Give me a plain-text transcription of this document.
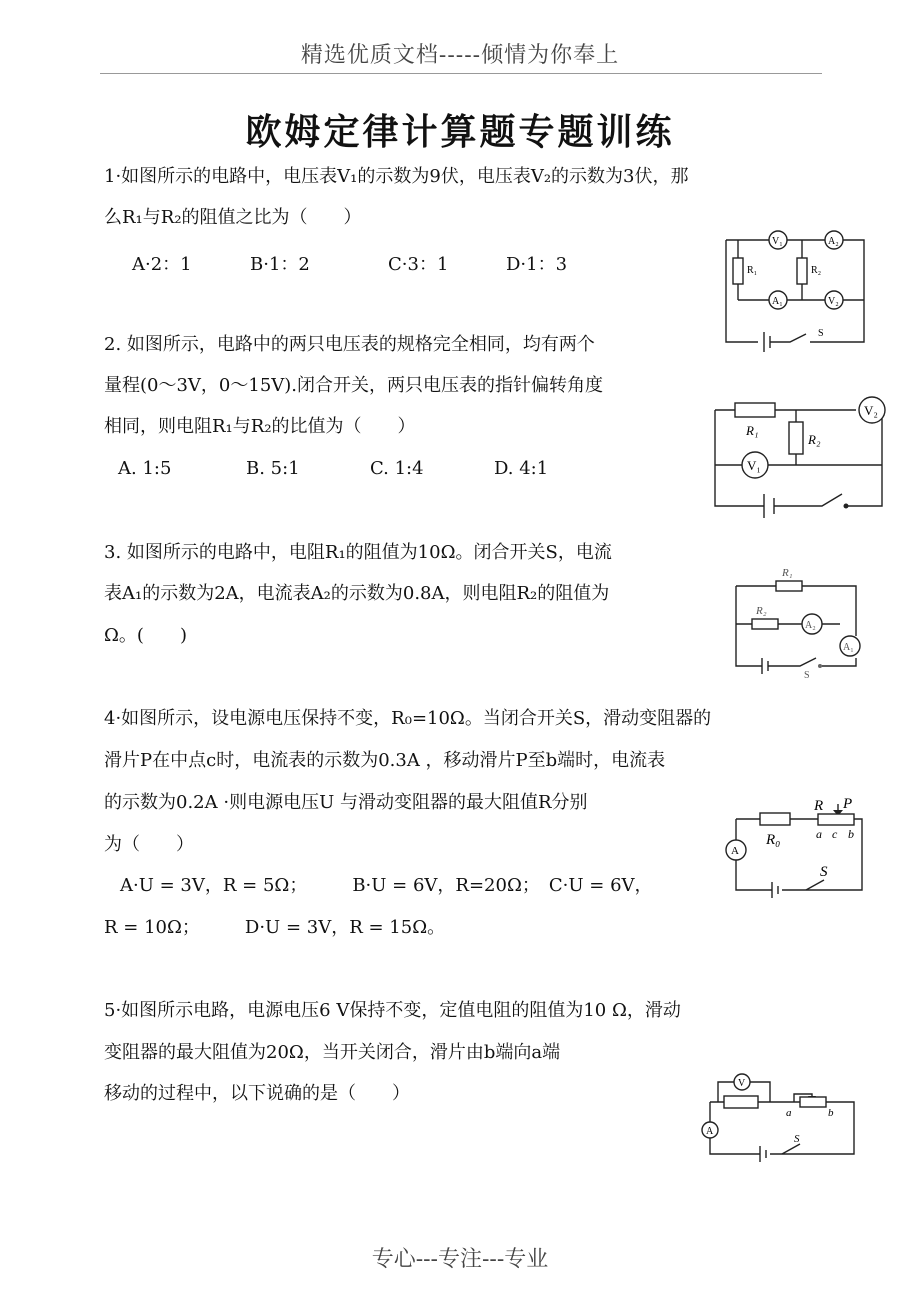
精选优质文档-----倾情为你奉上
欧姆定律计算题专题训练
1·如图所示的电路中，电压表V₁的示数为9伏，电压表V₂的示数为3伏，那
么R₁与R₂的阻值之比为（　　）
A·2：1	B·1：2	C·3：1	D·1：3
V₁	A₂
A₁	V₂
R₁	R₂
S
2. 如图所示，电路中的两只电压表的规格完全相同，均有两个
量程(0～3V，0～15V).闭合开关，两只电压表的指针偏转角度
相同，则电阻R₁与R₂的比值为（　　）
A. 1:5	B. 5:1	C. 1:4	D. 4:1
R₁
R₂
V₂
V₁
3. 如图所示的电路中，电阻R₁的阻值为10Ω。闭合开关S，电流
表A₁的示数为2A，电流表A₂的示数为0.8A，则电阻R₂的阻值为
Ω。(　　)
R₁
R₂
A₂
A₁
S
4·如图所示，设电源电压保持不变，R₀=10Ω。当闭合开关S，滑动变阻器的
滑片P在中点c时，电流表的示数为0.3A ，移动滑片P至b端时，电流表
的示数为0.2A ·则电源电压U 与滑动变阻器的最大阻值R分别
为（　　）
A·U = 3V，R = 5Ω；　　　B·U = 6V，R=20Ω；　C·U = 6V，
R = 10Ω；　　　D·U = 3V，R = 15Ω。
R P
a c b
R₀
A
S
5·如图所示电路，电源电压6 V保持不变，定值电阻的阻值为10 Ω，滑动
变阻器的最大阻值为20Ω，当开关闭合，滑片由b端向a端
移动的过程中，以下说确的是（　　）	V
a	b
A
S
专心---专注---专业
